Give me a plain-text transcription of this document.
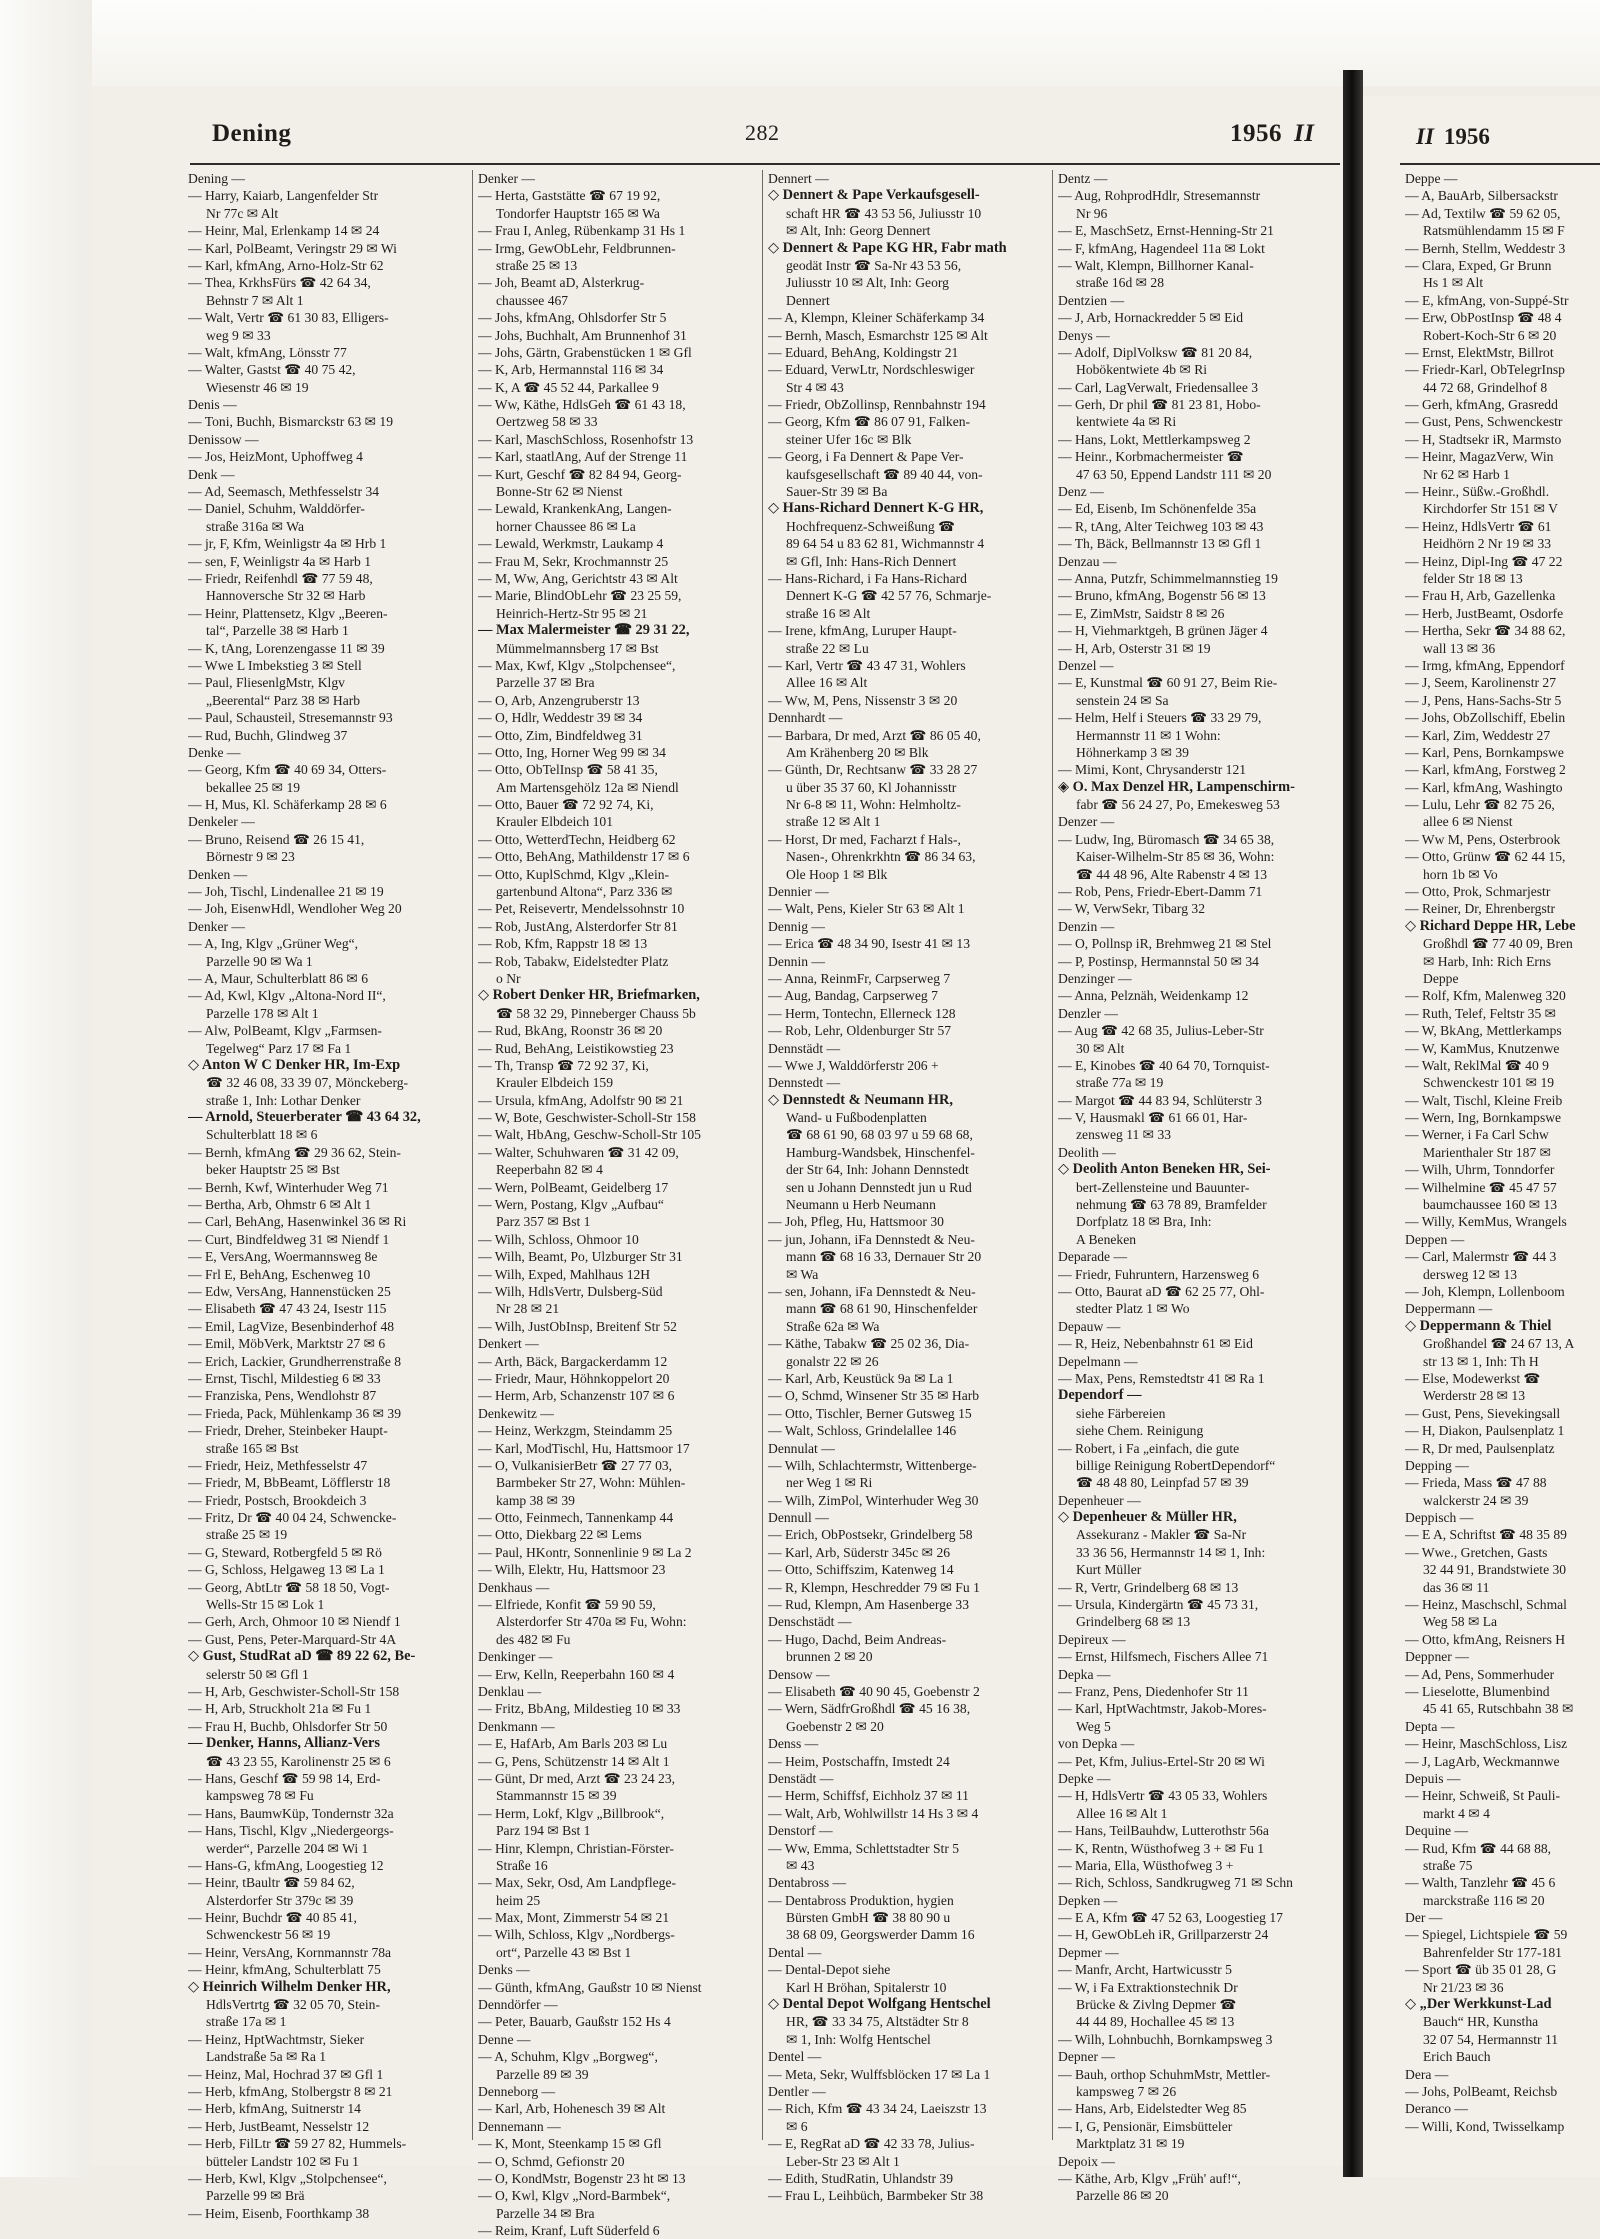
Dening	282	1956 II	II 1956
Dening —
— Harry, Kaiarb, Langenfelder Str
Nr 77c ✉ Alt
— Heinr, Mal, Erlenkamp 14 ✉ 24
— Karl, PolBeamt, Veringstr 29 ✉ Wi
— Karl, kfmAng, Arno-Holz-Str 62
— Thea, KrkhsFürs ☎ 42 64 34,
Behnstr 7 ✉ Alt 1
— Walt, Vertr ☎ 61 30 83, Elligers-
weg 9 ✉ 33
— Walt, kfmAng, Lönsstr 77
— Walter, Gastst ☎ 40 75 42,
Wiesenstr 46 ✉ 19
Denis —
— Toni, Buchh, Bismarckstr 63 ✉ 19
Denissow —
— Jos, HeizMont, Uphoffweg 4
Denk —
— Ad, Seemasch, Methfesselstr 34
— Daniel, Schuhm, Walddörfer-
straße 316a ✉ Wa
— jr, F, Kfm, Weinligstr 4a ✉ Hrb 1
— sen, F, Weinligstr 4a ✉ Harb 1
— Friedr, Reifenhdl ☎ 77 59 48,
Hannoversche Str 32 ✉ Harb
— Heinr, Plattensetz, Klgv „Beeren-
tal“, Parzelle 38 ✉ Harb 1
— K, tAng, Lorenzengasse 11 ✉ 39
— Wwe L Imbekstieg 3 ✉ Stell
— Paul, FliesenlgMstr, Klgv
„Beerental“ Parz 38 ✉ Harb
— Paul, Schausteil, Stresemannstr 93
— Rud, Buchh, Glindweg 37
Denke —
— Georg, Kfm ☎ 40 69 34, Otters-
bekallee 25 ✉ 19
— H, Mus, Kl. Schäferkamp 28 ✉ 6
Denkeler —
— Bruno, Reisend ☎ 26 15 41,
Börnestr 9 ✉ 23
Denken —
— Joh, Tischl, Lindenallee 21 ✉ 19
— Joh, EisenwHdl, Wendloher Weg 20
Denker —
— A, Ing, Klgv „Grüner Weg“,
Parzelle 90 ✉ Wa 1
— A, Maur, Schulterblatt 86 ✉ 6
— Ad, Kwl, Klgv „Altona-Nord II“,
Parzelle 178 ✉ Alt 1
— Alw, PolBeamt, Klgv „Farmsen-
Tegelweg“ Parz 17 ✉ Fa 1
◇ Anton W C Denker HR, Im-Exp
☎ 32 46 08, 33 39 07, Mönckeberg-
straße 1, Inh: Lothar Denker
— Arnold, Steuerberater ☎ 43 64 32,
Schulterblatt 18 ✉ 6
— Bernh, kfmAng ☎ 29 36 62, Stein-
beker Hauptstr 25 ✉ Bst
— Bernh, Kwf, Winterhuder Weg 71
— Bertha, Arb, Ohmstr 6 ✉ Alt 1
— Carl, BehAng, Hasenwinkel 36 ✉ Ri
— Curt, Bindfeldweg 31 ✉ Niendf 1
— E, VersAng, Woermannsweg 8e
— Frl E, BehAng, Eschenweg 10
— Edw, VersAng, Hannenstücken 25
— Elisabeth ☎ 47 43 24, Isestr 115
— Emil, LagVize, Besenbinderhof 48
— Emil, MöbVerk, Marktstr 27 ✉ 6
— Erich, Lackier, Grundherrenstraße 8
— Ernst, Tischl, Mildestieg 6 ✉ 33
— Franziska, Pens, Wendlohstr 87
— Frieda, Pack, Mühlenkamp 36 ✉ 39
— Friedr, Dreher, Steinbeker Haupt-
straße 165 ✉ Bst
— Friedr, Heiz, Methfesselstr 47
— Friedr, M, BbBeamt, Löfflerstr 18
— Friedr, Postsch, Brookdeich 3
— Fritz, Dr ☎ 40 04 24, Schwencke-
straße 25 ✉ 19
— G, Steward, Rotbergfeld 5 ✉ Rö
— G, Schloss, Helgaweg 13 ✉ La 1
— Georg, AbtLtr ☎ 58 18 50, Vogt-
Wells-Str 15 ✉ Lok 1
— Gerh, Arch, Ohmoor 10 ✉ Niendf 1
— Gust, Pens, Peter-Marquard-Str 4A
◇ Gust, StudRat aD ☎ 89 22 62, Be-
selerstr 50 ✉ Gfl 1
— H, Arb, Geschwister-Scholl-Str 158
— H, Arb, Struckholt 21a ✉ Fu 1
— Frau H, Buchb, Ohlsdorfer Str 50
— Denker, Hanns, Allianz-Vers
☎ 43 23 55, Karolinenstr 25 ✉ 6
— Hans, Geschf ☎ 59 98 14, Erd-
kampsweg 78 ✉ Fu
— Hans, BaumwKüp, Tondernstr 32a
— Hans, Tischl, Klgv „Niedergeorgs-
werder“, Parzelle 204 ✉ Wi 1
— Hans-G, kfmAng, Loogestieg 12
— Heinr, tBaultr ☎ 59 84 62,
Alsterdorfer Str 379c ✉ 39
— Heinr, Buchdr ☎ 40 85 41,
Schwenckestr 56 ✉ 19
— Heinr, VersAng, Kornmannstr 78a
— Heinr, kfmAng, Schulterblatt 75
◇ Heinrich Wilhelm Denker HR,
HdlsVertrtg ☎ 32 05 70, Stein-
straße 17a ✉ 1
— Heinz, HptWachtmstr, Sieker
Landstraße 5a ✉ Ra 1
— Heinz, Mal, Hochrad 37 ✉ Gfl 1
— Herb, kfmAng, Stolbergstr 8 ✉ 21
— Herb, kfmAng, Suitnerstr 14
— Herb, JustBeamt, Nesselstr 12
— Herb, FilLtr ☎ 59 27 82, Hummels-
bütteler Landstr 102 ✉ Fu 1
— Herb, Kwl, Klgv „Stolpchensee“,
Parzelle 99 ✉ Brä
— Heim, Eisenb, Foorthkamp 38
Denker —
— Herta, Gaststätte ☎ 67 19 92,
Tondorfer Hauptstr 165 ✉ Wa
— Frau I, Anleg, Rübenkamp 31 Hs 1
— Irmg, GewObLehr, Feldbrunnen-
straße 25 ✉ 13
— Joh, Beamt aD, Alsterkrug-
chaussee 467
— Johs, kfmAng, Ohlsdorfer Str 5
— Johs, Buchhalt, Am Brunnenhof 31
— Johs, Gärtn, Grabenstücken 1 ✉ Gfl
— K, Arb, Hermannstal 116 ✉ 34
— K, A ☎ 45 52 44, Parkallee 9
— Ww, Käthe, HdlsGeh ☎ 61 43 18,
Oertzweg 58 ✉ 33
— Karl, MaschSchloss, Rosenhofstr 13
— Karl, staatlAng, Auf der Strenge 11
— Kurt, Geschf ☎ 82 84 94, Georg-
Bonne-Str 62 ✉ Nienst
— Lewald, KrankenkAng, Langen-
horner Chaussee 86 ✉ La
— Lewald, Werkmstr, Laukamp 4
— Frau M, Sekr, Krochmannstr 25
— M, Ww, Ang, Gerichtstr 43 ✉ Alt
— Marie, BlindObLehr ☎ 23 25 59,
Heinrich-Hertz-Str 95 ✉ 21
— Max Malermeister ☎ 29 31 22,
Mümmelmannsberg 17 ✉ Bst
— Max, Kwf, Klgv „Stolpchensee“,
Parzelle 37 ✉ Bra
— O, Arb, Anzengruberstr 13
— O, Hdlr, Weddestr 39 ✉ 34
— Otto, Zim, Bindfeldweg 31
— Otto, Ing, Horner Weg 99 ✉ 34
— Otto, ObTelInsp ☎ 58 41 35,
Am Martensgehölz 12a ✉ Niendl
— Otto, Bauer ☎ 72 92 74, Ki,
Krauler Elbdeich 101
— Otto, WetterdTechn, Heidberg 62
— Otto, BehAng, Mathildenstr 17 ✉ 6
— Otto, KuplSchmd, Klgv „Klein-
gartenbund Altona“, Parz 336 ✉
— Pet, Reisevertr, Mendelssohnstr 10
— Rob, JustAng, Alsterdorfer Str 81
— Rob, Kfm, Rappstr 18 ✉ 13
— Rob, Tabakw, Eidelstedter Platz
o Nr
◇ Robert Denker HR, Briefmarken,
☎ 58 32 29, Pinneberger Chauss 5b
— Rud, BkAng, Roonstr 36 ✉ 20
— Rud, BehAng, Leistikowstieg 23
— Th, Transp ☎ 72 92 37, Ki,
Krauler Elbdeich 159
— Ursula, kfmAng, Adolfstr 90 ✉ 21
— W, Bote, Geschwister-Scholl-Str 158
— Walt, HbAng, Geschw-Scholl-Str 105
— Walter, Schuhwaren ☎ 31 42 09,
Reeperbahn 82 ✉ 4
— Wern, PolBeamt, Geidelberg 17
— Wern, Postang, Klgv „Aufbau“
Parz 357 ✉ Bst 1
— Wilh, Schloss, Ohmoor 10
— Wilh, Beamt, Po, Ulzburger Str 31
— Wilh, Exped, Mahlhaus 12H
— Wilh, HdlsVertr, Dulsberg-Süd
Nr 28 ✉ 21
— Wilh, JustObInsp, Breitenf Str 52
Denkert —
— Arth, Bäck, Bargackerdamm 12
— Friedr, Maur, Höhnkoppelort 20
— Herm, Arb, Schanzenstr 107 ✉ 6
Denkewitz —
— Heinz, Werkzgm, Steindamm 25
— Karl, ModTischl, Hu, Hattsmoor 17
— O, VulkanisierBetr ☎ 27 77 03,
Barmbeker Str 27, Wohn: Mühlen-
kamp 38 ✉ 39
— Otto, Feinmech, Tannenkamp 44
— Otto, Diekbarg 22 ✉ Lems
— Paul, HKontr, Sonnenlinie 9 ✉ La 2
— Wilh, Elektr, Hu, Hattsmoor 23
Denkhaus —
— Elfriede, Konfit ☎ 59 90 59,
Alsterdorfer Str 470a ✉ Fu, Wohn:
des 482 ✉ Fu
Denkinger —
— Erw, Kelln, Reeperbahn 160 ✉ 4
Denklau —
— Fritz, BbAng, Mildestieg 10 ✉ 33
Denkmann —
— E, HafArb, Am Barls 203 ✉ Lu
— G, Pens, Schützenstr 14 ✉ Alt 1
— Günt, Dr med, Arzt ☎ 23 24 23,
Stammannstr 15 ✉ 39
— Herm, Lokf, Klgv „Billbrook“,
Parz 194 ✉ Bst 1
— Hinr, Klempn, Christian-Förster-
Straße 16
— Max, Sekr, Osd, Am Landpflege-
heim 25
— Max, Mont, Zimmerstr 54 ✉ 21
— Wilh, Schloss, Klgv „Nordbergs-
ort“, Parzelle 43 ✉ Bst 1
Denks —
— Günth, kfmAng, Gaußstr 10 ✉ Nienst
Denndörfer —
— Peter, Bauarb, Gaußstr 152 Hs 4
Denne —
— A, Schuhm, Klgv „Borgweg“,
Parzelle 89 ✉ 39
Denneborg —
— Karl, Arb, Hohenesch 39 ✉ Alt
Dennemann —
— K, Mont, Steenkamp 15 ✉ Gfl
— O, Schmd, Gefionstr 20
— O, KondMstr, Bogenstr 23 ht ✉ 13
— O, Kwl, Klgv „Nord-Barmbek“,
Parzelle 34 ✉ Bra
— Reim, Kranf, Luft Süderfeld 6
Dennert —
◇ Dennert & Pape Verkaufsgesell-
schaft HR ☎ 43 53 56, Juliusstr 10
✉ Alt, Inh: Georg Dennert
◇ Dennert & Pape KG HR, Fabr math
geodät Instr ☎ Sa-Nr 43 53 56,
Juliusstr 10 ✉ Alt, Inh: Georg
Dennert
— A, Klempn, Kleiner Schäferkamp 34
— Bernh, Masch, Esmarchstr 125 ✉ Alt
— Eduard, BehAng, Koldingstr 21
— Eduard, VerwLtr, Nordschleswiger
Str 4 ✉ 43
— Friedr, ObZollinsp, Rennbahnstr 194
— Georg, Kfm ☎ 86 07 91, Falken-
steiner Ufer 16c ✉ Blk
— Georg, i Fa Dennert & Pape Ver-
kaufsgesellschaft ☎ 89 40 44, von-
Sauer-Str 39 ✉ Ba
◇ Hans-Richard Dennert K-G HR,
Hochfrequenz-Schweißung ☎
89 64 54 u 83 62 81, Wichmannstr 4
✉ Gfl, Inh: Hans-Rich Dennert
— Hans-Richard, i Fa Hans-Richard
Dennert K-G ☎ 42 57 76, Schmarje-
straße 16 ✉ Alt
— Irene, kfmAng, Luruper Haupt-
straße 22 ✉ Lu
— Karl, Vertr ☎ 43 47 31, Wohlers
Allee 16 ✉ Alt
— Ww, M, Pens, Nissenstr 3 ✉ 20
Dennhardt —
— Barbara, Dr med, Arzt ☎ 86 05 40,
Am Krähenberg 20 ✉ Blk
— Günth, Dr, Rechtsanw ☎ 33 28 27
u über 35 37 60, Kl Johannisstr
Nr 6-8 ✉ 11, Wohn: Helmholtz-
straße 12 ✉ Alt 1
— Horst, Dr med, Facharzt f Hals-,
Nasen-, Ohrenkrkhtn ☎ 86 34 63,
Ole Hoop 1 ✉ Blk
Dennier —
— Walt, Pens, Kieler Str 63 ✉ Alt 1
Dennig —
— Erica ☎ 48 34 90, Isestr 41 ✉ 13
Dennin —
— Anna, ReinmFr, Carpserweg 7
— Aug, Bandag, Carpserweg 7
— Herm, Tontechn, Ellerneck 128
— Rob, Lehr, Oldenburger Str 57
Dennstädt —
— Wwe J, Walddörferstr 206 +
Dennstedt —
◇ Dennstedt & Neumann HR,
Wand- u Fußbodenplatten
☎ 68 61 90, 68 03 97 u 59 68 68,
Hamburg-Wandsbek, Hinschenfel-
der Str 64, Inh: Johann Dennstedt
sen u Johann Dennstedt jun u Rud
Neumann u Herb Neumann
— Joh, Pfleg, Hu, Hattsmoor 30
— jun, Johann, iFa Dennstedt & Neu-
mann ☎ 68 16 33, Dernauer Str 20
✉ Wa
— sen, Johann, iFa Dennstedt & Neu-
mann ☎ 68 61 90, Hinschenfelder
Straße 62a ✉ Wa
— Käthe, Tabakw ☎ 25 02 36, Dia-
gonalstr 22 ✉ 26
— Karl, Arb, Keustück 9a ✉ La 1
— O, Schmd, Winsener Str 35 ✉ Harb
— Otto, Tischler, Berner Gutsweg 15
— Walt, Schloss, Grindelallee 146
Dennulat —
— Wilh, Schlachtermstr, Wittenberge-
ner Weg 1 ✉ Ri
— Wilh, ZimPol, Winterhuder Weg 30
Dennull —
— Erich, ObPostsekr, Grindelberg 58
— Karl, Arb, Süderstr 345c ✉ 26
— Otto, Schiffszim, Katenweg 14
— R, Klempn, Heschredder 79 ✉ Fu 1
— Rud, Klempn, Am Hasenberge 33
Denschstädt —
— Hugo, Dachd, Beim Andreas-
brunnen 2 ✉ 20
Densow —
— Elisabeth ☎ 40 90 45, Goebenstr 2
— Wern, SädfrGroßhdl ☎ 45 16 38,
Goebenstr 2 ✉ 20
Denss —
— Heim, Postschaffn, Imstedt 24
Denstädt —
— Herm, Schiffsf, Eichholz 37 ✉ 11
— Walt, Arb, Wohlwillstr 14 Hs 3 ✉ 4
Denstorf —
— Ww, Emma, Schlettstadter Str 5
✉ 43
Dentabross —
— Dentabross Produktion, hygien
Bürsten GmbH ☎ 38 80 90 u
38 68 09, Georgswerder Damm 16
Dental —
— Dental-Depot siehe
Karl H Bröhan, Spitalerstr 10
◇ Dental Depot Wolfgang Hentschel
HR, ☎ 33 34 75, Altstädter Str 8
✉ 1, Inh: Wolfg Hentschel
Dentel —
— Meta, Sekr, Wulffsblöcken 17 ✉ La 1
Dentler —
— Rich, Kfm ☎ 43 34 24, Laeiszstr 13
✉ 6
— E, RegRat aD ☎ 42 33 78, Julius-
Leber-Str 23 ✉ Alt 1
— Edith, StudRatin, Uhlandstr 39
— Frau L, Leihbüch, Barmbeker Str 38
Dentz —
— Aug, RohprodHdlr, Stresemannstr
Nr 96
— E, MaschSetz, Ernst-Henning-Str 21
— F, kfmAng, Hagendeel 11a ✉ Lokt
— Walt, Klempn, Billhorner Kanal-
straße 16d ✉ 28
Dentzien —
— J, Arb, Hornackredder 5 ✉ Eid
Denys —
— Adolf, DiplVolksw ☎ 81 20 84,
Hobökentwiete 4b ✉ Ri
— Carl, LagVerwalt, Friedensallee 3
— Gerh, Dr phil ☎ 81 23 81, Hobo-
kentwiete 4a ✉ Ri
— Hans, Lokt, Mettlerkampsweg 2
— Heinr., Korbmachermeister ☎
47 63 50, Eppend Landstr 111 ✉ 20
Denz —
— Ed, Eisenb, Im Schönenfelde 35a
— R, tAng, Alter Teichweg 103 ✉ 43
— Th, Bäck, Bellmannstr 13 ✉ Gfl 1
Denzau —
— Anna, Putzfr, Schimmelmannstieg 19
— Bruno, kfmAng, Bogenstr 56 ✉ 13
— E, ZimMstr, Saidstr 8 ✉ 26
— H, Viehmarktgeh, B grünen Jäger 4
— H, Arb, Osterstr 31 ✉ 19
Denzel —
— E, Kunstmal ☎ 60 91 27, Beim Rie-
senstein 24 ✉ Sa
— Helm, Helf i Steuers ☎ 33 29 79,
Hermannstr 11 ✉ 1 Wohn:
Höhnerkamp 3 ✉ 39
— Mimi, Kont, Chrysanderstr 121
◈ O. Max Denzel HR, Lampenschirm-
fabr ☎ 56 24 27, Po, Emekesweg 53
Denzer —
— Ludw, Ing, Büromasch ☎ 34 65 38,
Kaiser-Wilhelm-Str 85 ✉ 36, Wohn:
☎ 44 48 96, Alte Rabenstr 4 ✉ 13
— Rob, Pens, Friedr-Ebert-Damm 71
— W, VerwSekr, Tibarg 32
Denzin —
— O, Pollnsp iR, Brehmweg 21 ✉ Stel
— P, Postinsp, Hermannstal 50 ✉ 34
Denzinger —
— Anna, Pelznäh, Weidenkamp 12
Denzler —
— Aug ☎ 42 68 35, Julius-Leber-Str
30 ✉ Alt
— E, Kinobes ☎ 40 64 70, Tornquist-
straße 77a ✉ 19
— Margot ☎ 44 83 94, Schlüterstr 3
— V, Hausmakl ☎ 61 66 01, Har-
zensweg 11 ✉ 33
Deolith —
◇ Deolith Anton Beneken HR, Sei-
bert-Zellensteine und Bauunter-
nehmung ☎ 63 78 89, Bramfelder
Dorfplatz 18 ✉ Bra, Inh:
A Beneken
Deparade —
— Friedr, Fuhruntern, Harzensweg 6
— Otto, Baurat aD ☎ 62 25 77, Ohl-
stedter Platz 1 ✉ Wo
Depauw —
— R, Heiz, Nebenbahnstr 61 ✉ Eid
Depelmann —
— Max, Pens, Remstedtstr 41 ✉ Ra 1
Dependorf —
siehe Färbereien
siehe Chem. Reinigung
— Robert, i Fa „einfach, die gute
billige Reinigung RobertDependorf“
☎ 48 48 80, Leinpfad 57 ✉ 39
Depenheuer —
◇ Depenheuer & Müller HR,
Assekuranz - Makler ☎ Sa-Nr
33 36 56, Hermannstr 14 ✉ 1, Inh:
Kurt Müller
— R, Vertr, Grindelberg 68 ✉ 13
— Ursula, Kindergärtn ☎ 45 73 31,
Grindelberg 68 ✉ 13
Depireux —
— Ernst, Hilfsmech, Fischers Allee 71
Depka —
— Franz, Pens, Diedenhofer Str 11
— Karl, HptWachtmstr, Jakob-Mores-
Weg 5
von Depka —
— Pet, Kfm, Julius-Ertel-Str 20 ✉ Wi
Depke —
— H, HdlsVertr ☎ 43 05 33, Wohlers
Allee 16 ✉ Alt 1
— Hans, TeilBauhdw, Lutterothstr 56a
— K, Rentn, Wüsthofweg 3 + ✉ Fu 1
— Maria, Ella, Wüsthofweg 3 +
— Rich, Schloss, Sandkrugweg 71 ✉ Schn
Depken —
— E A, Kfm ☎ 47 52 63, Loogestieg 17
— H, GewObLeh iR, Grillparzerstr 24
Depmer —
— Manfr, Archt, Hartwicusstr 5
— W, i Fa Extraktionstechnik Dr
Brücke & Zivlng Depmer ☎
44 44 89, Hochallee 45 ✉ 13
— Wilh, Lohnbuchh, Bornkampsweg 3
Depner —
— Bauh, orthop SchuhmMstr, Mettler-
kampsweg 7 ✉ 26
— Hans, Arb, Eidelstedter Weg 85
— I, G, Pensionär, Eimsbütteler
Marktplatz 31 ✉ 19
Depoix —
— Käthe, Arb, Klgv „Früh' auf!“,
Parzelle 86 ✉ 20
Deppe —
— A, BauArb, Silbersackstr
— Ad, Textilw ☎ 59 62 05,
Ratsmühlendamm 15 ✉ F
— Bernh, Stellm, Weddestr 3
— Clara, Exped, Gr Brunn
Hs 1 ✉ Alt
— E, kfmAng, von-Suppé-Str
— Erw, ObPostInsp ☎ 48 4
Robert-Koch-Str 6 ✉ 20
— Ernst, ElektMstr, Billrot
— Friedr-Karl, ObTelegrInsp
44 72 68, Grindelhof 8
— Gerh, kfmAng, Grasredd
— Gust, Pens, Schwenckestr
— H, Stadtsekr iR, Marmsto
— Heinr, MagazVerw, Win
Nr 62 ✉ Harb 1
— Heinr., Süßw.-Großhdl.
Kirchdorfer Str 151 ✉ V
— Heinz, HdlsVertr ☎ 61
Heidhörn 2 Nr 19 ✉ 33
— Heinz, Dipl-Ing ☎ 47 22
felder Str 18 ✉ 13
— Frau H, Arb, Gazellenka
— Herb, JustBeamt, Osdorfe
— Hertha, Sekr ☎ 34 88 62,
wall 13 ✉ 36
— Irmg, kfmAng, Eppendorf
— J, Seem, Karolinenstr 27
— J, Pens, Hans-Sachs-Str 5
— Johs, ObZollschiff, Ebelin
— Karl, Zim, Weddestr 27
— Karl, Pens, Bornkampswe
— Karl, kfmAng, Forstweg 2
— Karl, kfmAng, Washingto
— Lulu, Lehr ☎ 82 75 26,
allee 6 ✉ Nienst
— Ww M, Pens, Osterbrook
— Otto, Grünw ☎ 62 44 15,
horn 1b ✉ Vo
— Otto, Prok, Schmarjestr
— Reiner, Dr, Ehrenbergstr
◇ Richard Deppe HR, Lebe
Großhdl ☎ 77 40 09, Bren
✉ Harb, Inh: Rich Erns
Deppe
— Rolf, Kfm, Malenweg 320
— Ruth, Telef, Feltstr 35 ✉
— W, BkAng, Mettlerkamps
— W, KamMus, Knutzenwe
— Walt, ReklMal ☎ 40 9
Schwenckestr 101 ✉ 19
— Walt, Tischl, Kleine Freib
— Wern, Ing, Bornkampswe
— Werner, i Fa Carl Schw
Marienthaler Str 187 ✉
— Wilh, Uhrm, Tonndorfer
— Wilhelmine ☎ 45 47 57
baumchaussee 160 ✉ 13
— Willy, KemMus, Wrangels
Deppen —
— Carl, Malermstr ☎ 44 3
dersweg 12 ✉ 13
— Joh, Klempn, Lollenboom
Deppermann —
◇ Deppermann & Thiel
Großhandel ☎ 24 67 13, A
str 13 ✉ 1, Inh: Th H
— Else, Modewerkst ☎
Werderstr 28 ✉ 13
— Gust, Pens, Sievekingsall
— H, Diakon, Paulsenplatz 1
— R, Dr med, Paulsenplatz
Depping —
— Frieda, Mass ☎ 47 88
walckerstr 24 ✉ 39
Deppisch —
— E A, Schriftst ☎ 48 35 89
— Wwe., Gretchen, Gasts
32 44 91, Brandstwiete 30
das 36 ✉ 11
— Heinz, Maschschl, Schmal
Weg 58 ✉ La
— Otto, kfmAng, Reisners H
Deppner —
— Ad, Pens, Sommerhuder
— Lieselotte, Blumenbind
45 41 65, Rutschbahn 38 ✉
Depta —
— Heinr, MaschSchloss, Lisz
— J, LagArb, Weckmannwe
Depuis —
— Heinr, Schweiß, St Pauli-
markt 4 ✉ 4
Dequine —
— Rud, Kfm ☎ 44 68 88,
straße 75
— Walth, Tanzlehr ☎ 45 6
marckstraße 116 ✉ 20
Der —
— Spiegel, Lichtspiele ☎ 59
Bahrenfelder Str 177-181
— Sport ☎ üb 35 01 28, G
Nr 21/23 ✉ 36
◇ „Der Werkkunst-Lad
Bauch“ HR, Kunstha
32 07 54, Hermannstr 11
Erich Bauch
Dera —
— Johs, PolBeamt, Reichsb
Deranco —
— Willi, Kond, Twisselkamp
